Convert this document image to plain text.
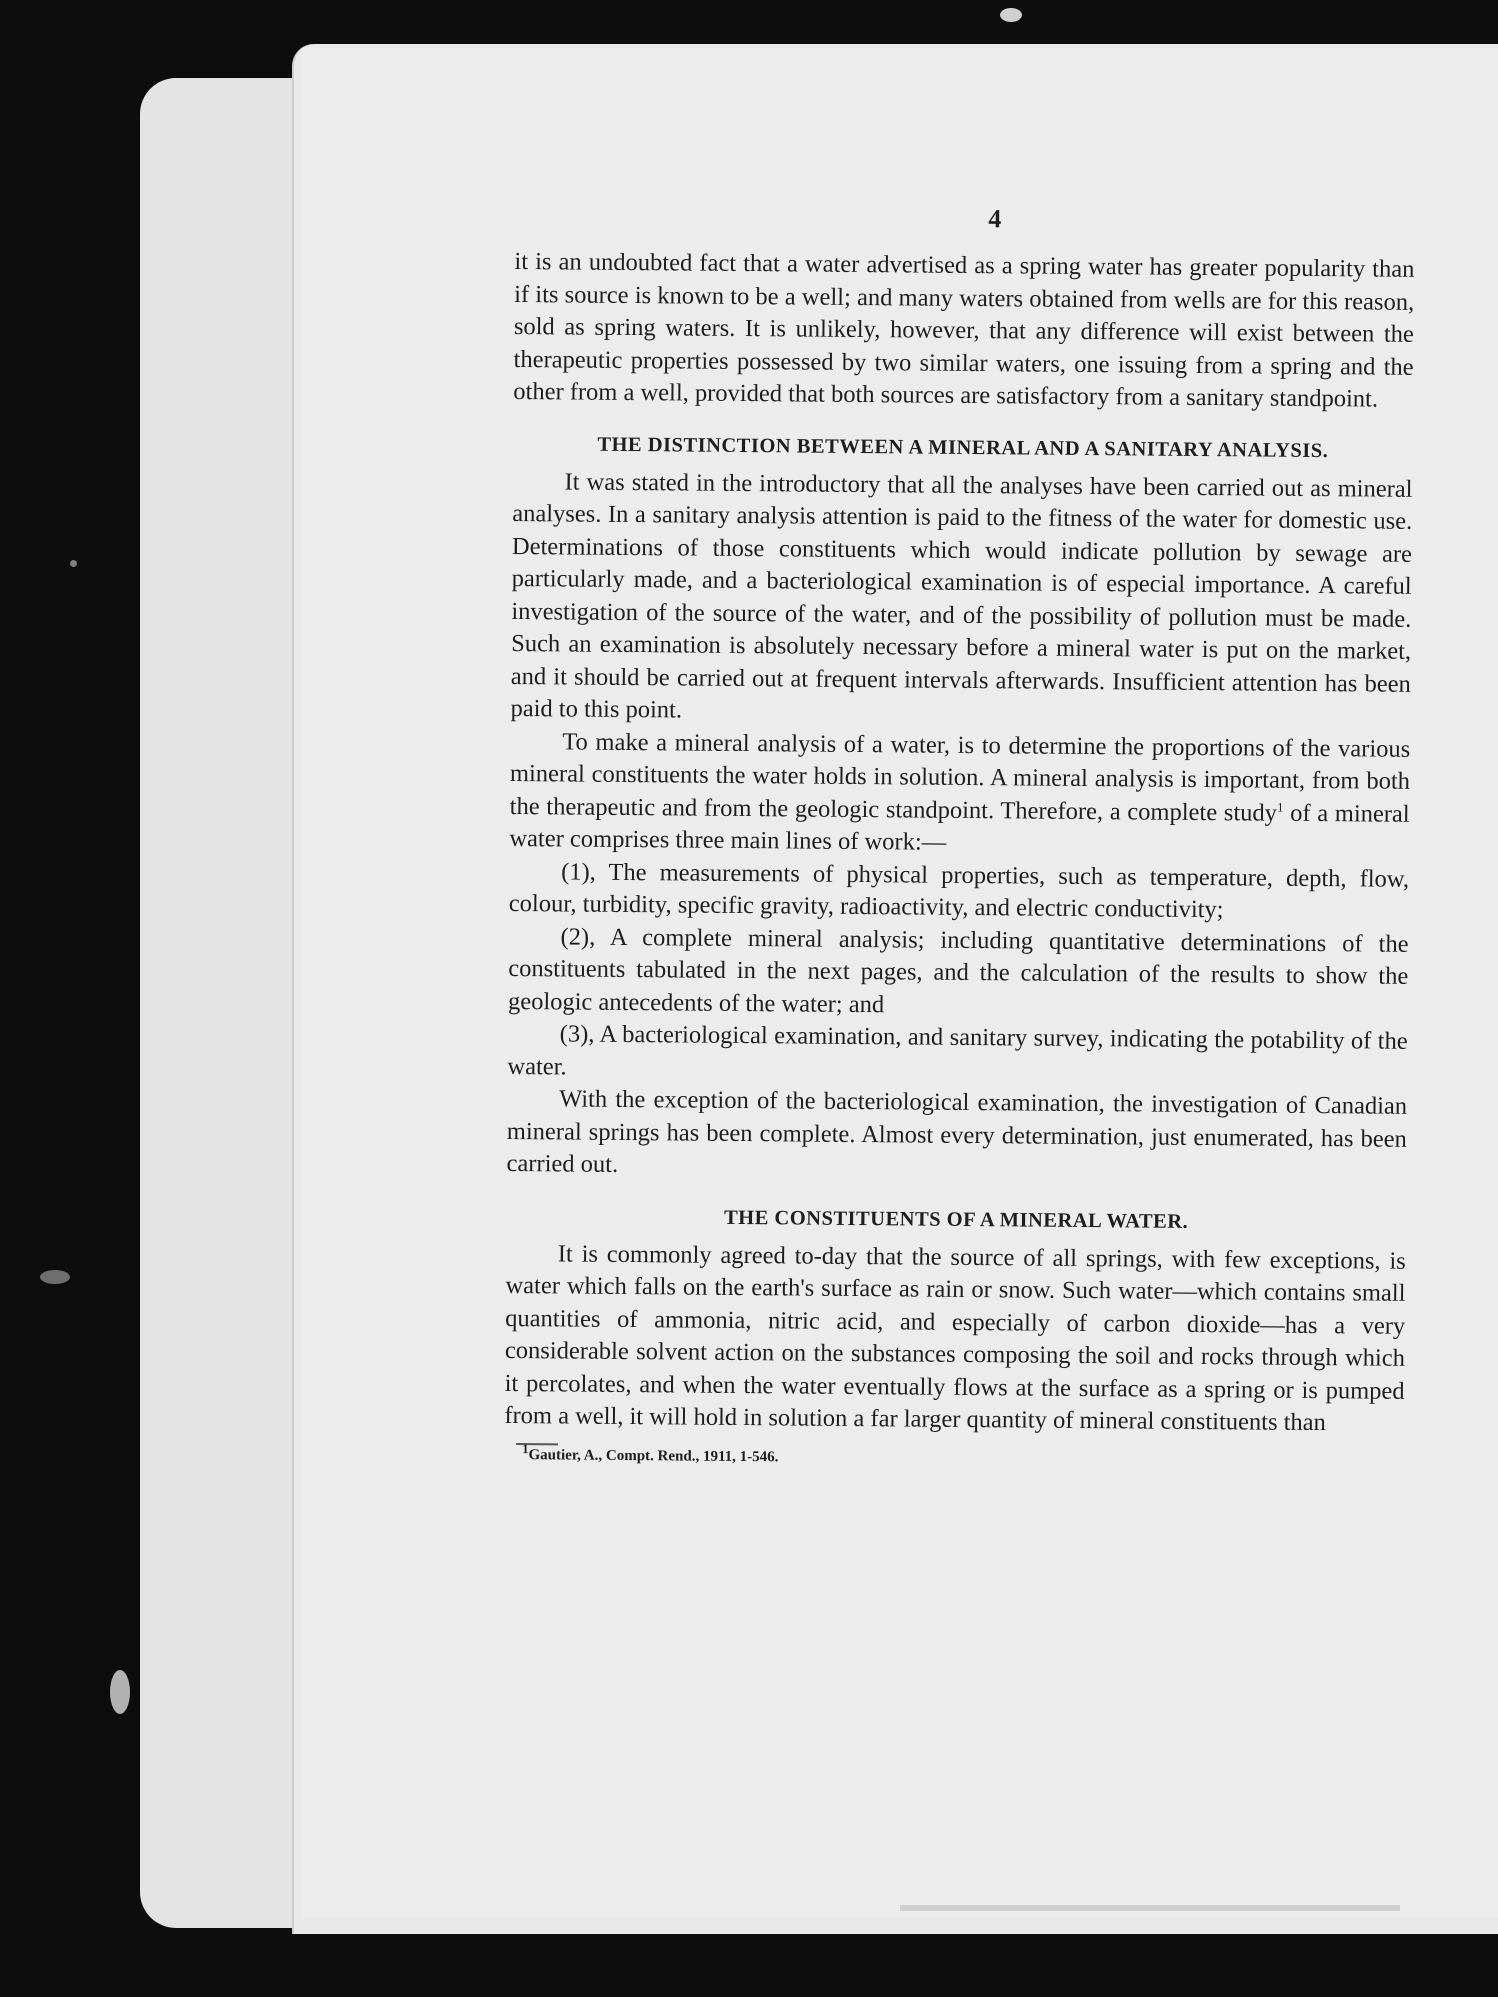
4

it is an undoubted fact that a water advertised as a spring water has greater popularity than if its source is known to be a well; and many waters obtained from wells are for this reason, sold as spring waters. It is unlikely, however, that any difference will exist between the therapeutic properties possessed by two similar waters, one issuing from a spring and the other from a well, provided that both sources are satisfactory from a sanitary standpoint.

THE DISTINCTION BETWEEN A MINERAL AND A SANITARY ANALYSIS.

It was stated in the introductory that all the analyses have been carried out as mineral analyses. In a sanitary analysis attention is paid to the fitness of the water for domestic use. Determinations of those constituents which would indicate pollution by sewage are particularly made, and a bacteriological examination is of especial importance. A careful investigation of the source of the water, and of the possibility of pollution must be made. Such an examination is absolutely necessary before a mineral water is put on the market, and it should be carried out at frequent intervals afterwards. Insufficient attention has been paid to this point.

To make a mineral analysis of a water, is to determine the proportions of the various mineral constituents the water holds in solution. A mineral analysis is important, from both the therapeutic and from the geologic standpoint. Therefore, a complete study$^1$ of a mineral water comprises three main lines of work:—

(1), The measurements of physical properties, such as temperature, depth, flow, colour, turbidity, specific gravity, radioactivity, and electric conductivity;

(2), A complete mineral analysis; including quantitative determinations of the constituents tabulated in the next pages, and the calculation of the results to show the geologic antecedents of the water; and

(3), A bacteriological examination, and sanitary survey, indicating the potability of the water.

With the exception of the bacteriological examination, the investigation of Canadian mineral springs has been complete. Almost every determination, just enumerated, has been carried out.

THE CONSTITUENTS OF A MINERAL WATER.

It is commonly agreed to-day that the source of all springs, with few exceptions, is water which falls on the earth's surface as rain or snow. Such water—which contains small quantities of ammonia, nitric acid, and especially of carbon dioxide—has a very considerable solvent action on the substances composing the soil and rocks through which it percolates, and when the water eventually flows at the surface as a spring or is pumped from a well, it will hold in solution a far larger quantity of mineral constituents than

1Gautier, A., Compt. Rend., 1911, 1-546.
